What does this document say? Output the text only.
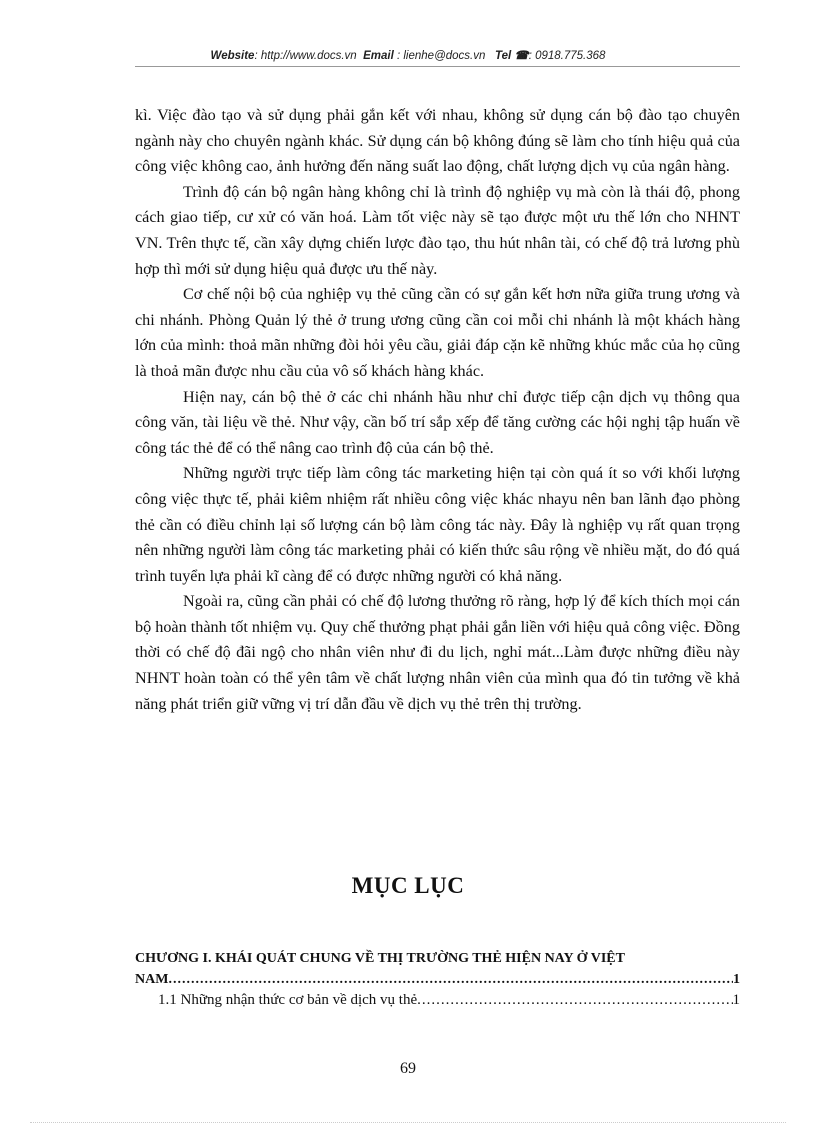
Website: http://www.docs.vn Email : lienhe@docs.vn Tel ☎: 0918.775.368

kì. Việc đào tạo và sử dụng phải gắn kết với nhau, không sử dụng cán bộ đào tạo chuyên ngành này cho chuyên ngành khác. Sử dụng cán bộ không đúng sẽ làm cho tính hiệu quả của công việc không cao, ảnh hưởng đến năng suất lao động, chất lượng dịch vụ của ngân hàng.

Trình độ cán bộ ngân hàng không chỉ là trình độ nghiệp vụ mà còn là thái độ, phong cách giao tiếp, cư xử có văn hoá. Làm tốt việc này sẽ tạo được một ưu thế lớn cho NHNT VN. Trên thực tế, cần xây dựng chiến lược đào tạo, thu hút nhân tài, có chế độ trả lương phù hợp thì mới sử dụng hiệu quả được ưu thế này.

Cơ chế nội bộ của nghiệp vụ thẻ cũng cần có sự gắn kết hơn nữa giữa trung ương và chi nhánh. Phòng Quản lý thẻ ở trung ương cũng cần coi mỗi chi nhánh là một khách hàng lớn của mình: thoả mãn những đòi hỏi yêu cầu, giải đáp cặn kẽ những khúc mắc của họ cũng là thoả mãn được nhu cầu của vô số khách hàng khác.

Hiện nay, cán bộ thẻ ở các chi nhánh hầu như chỉ được tiếp cận dịch vụ thông qua công văn, tài liệu về thẻ. Như vậy, cần bố trí sắp xếp để tăng cường các hội nghị tập huấn về công tác thẻ để có thể nâng cao trình độ của cán bộ thẻ.

Những người trực tiếp làm công tác marketing hiện tại còn quá ít so với khối lượng công việc thực tế, phải kiêm nhiệm rất nhiều công việc khác nhayu nên ban lãnh đạo phòng thẻ cần có điều chỉnh lại số lượng cán bộ làm công tác này. Đây là nghiệp vụ rất quan trọng nên những người làm công tác marketing phải có kiến thức sâu rộng về nhiều mặt, do đó quá trình tuyển lựa phải kĩ càng để có được những người có khả năng.

Ngoài ra, cũng cần phải có chế độ lương thưởng rõ ràng, hợp lý để kích thích mọi cán bộ hoàn thành tốt nhiệm vụ. Quy chế thưởng phạt phải gắn liền với hiệu quả công việc. Đồng thời có chế độ đãi ngộ cho nhân viên như đi du lịch, nghỉ mát...Làm được những điều này NHNT hoàn toàn có thể yên tâm về chất lượng nhân viên của mình qua đó tin tưởng về khả năng phát triển giữ vững vị trí dẫn đầu về dịch vụ thẻ trên thị trường.

MỤC LỤC
CHƯƠNG I. KHÁI QUÁT CHUNG VỀ THỊ TRƯỜNG THẺ HIỆN NAY Ở VIỆT
NAM .....	1
1.1 Những nhận thức cơ bản về dịch vụ thẻ .....	1
69
